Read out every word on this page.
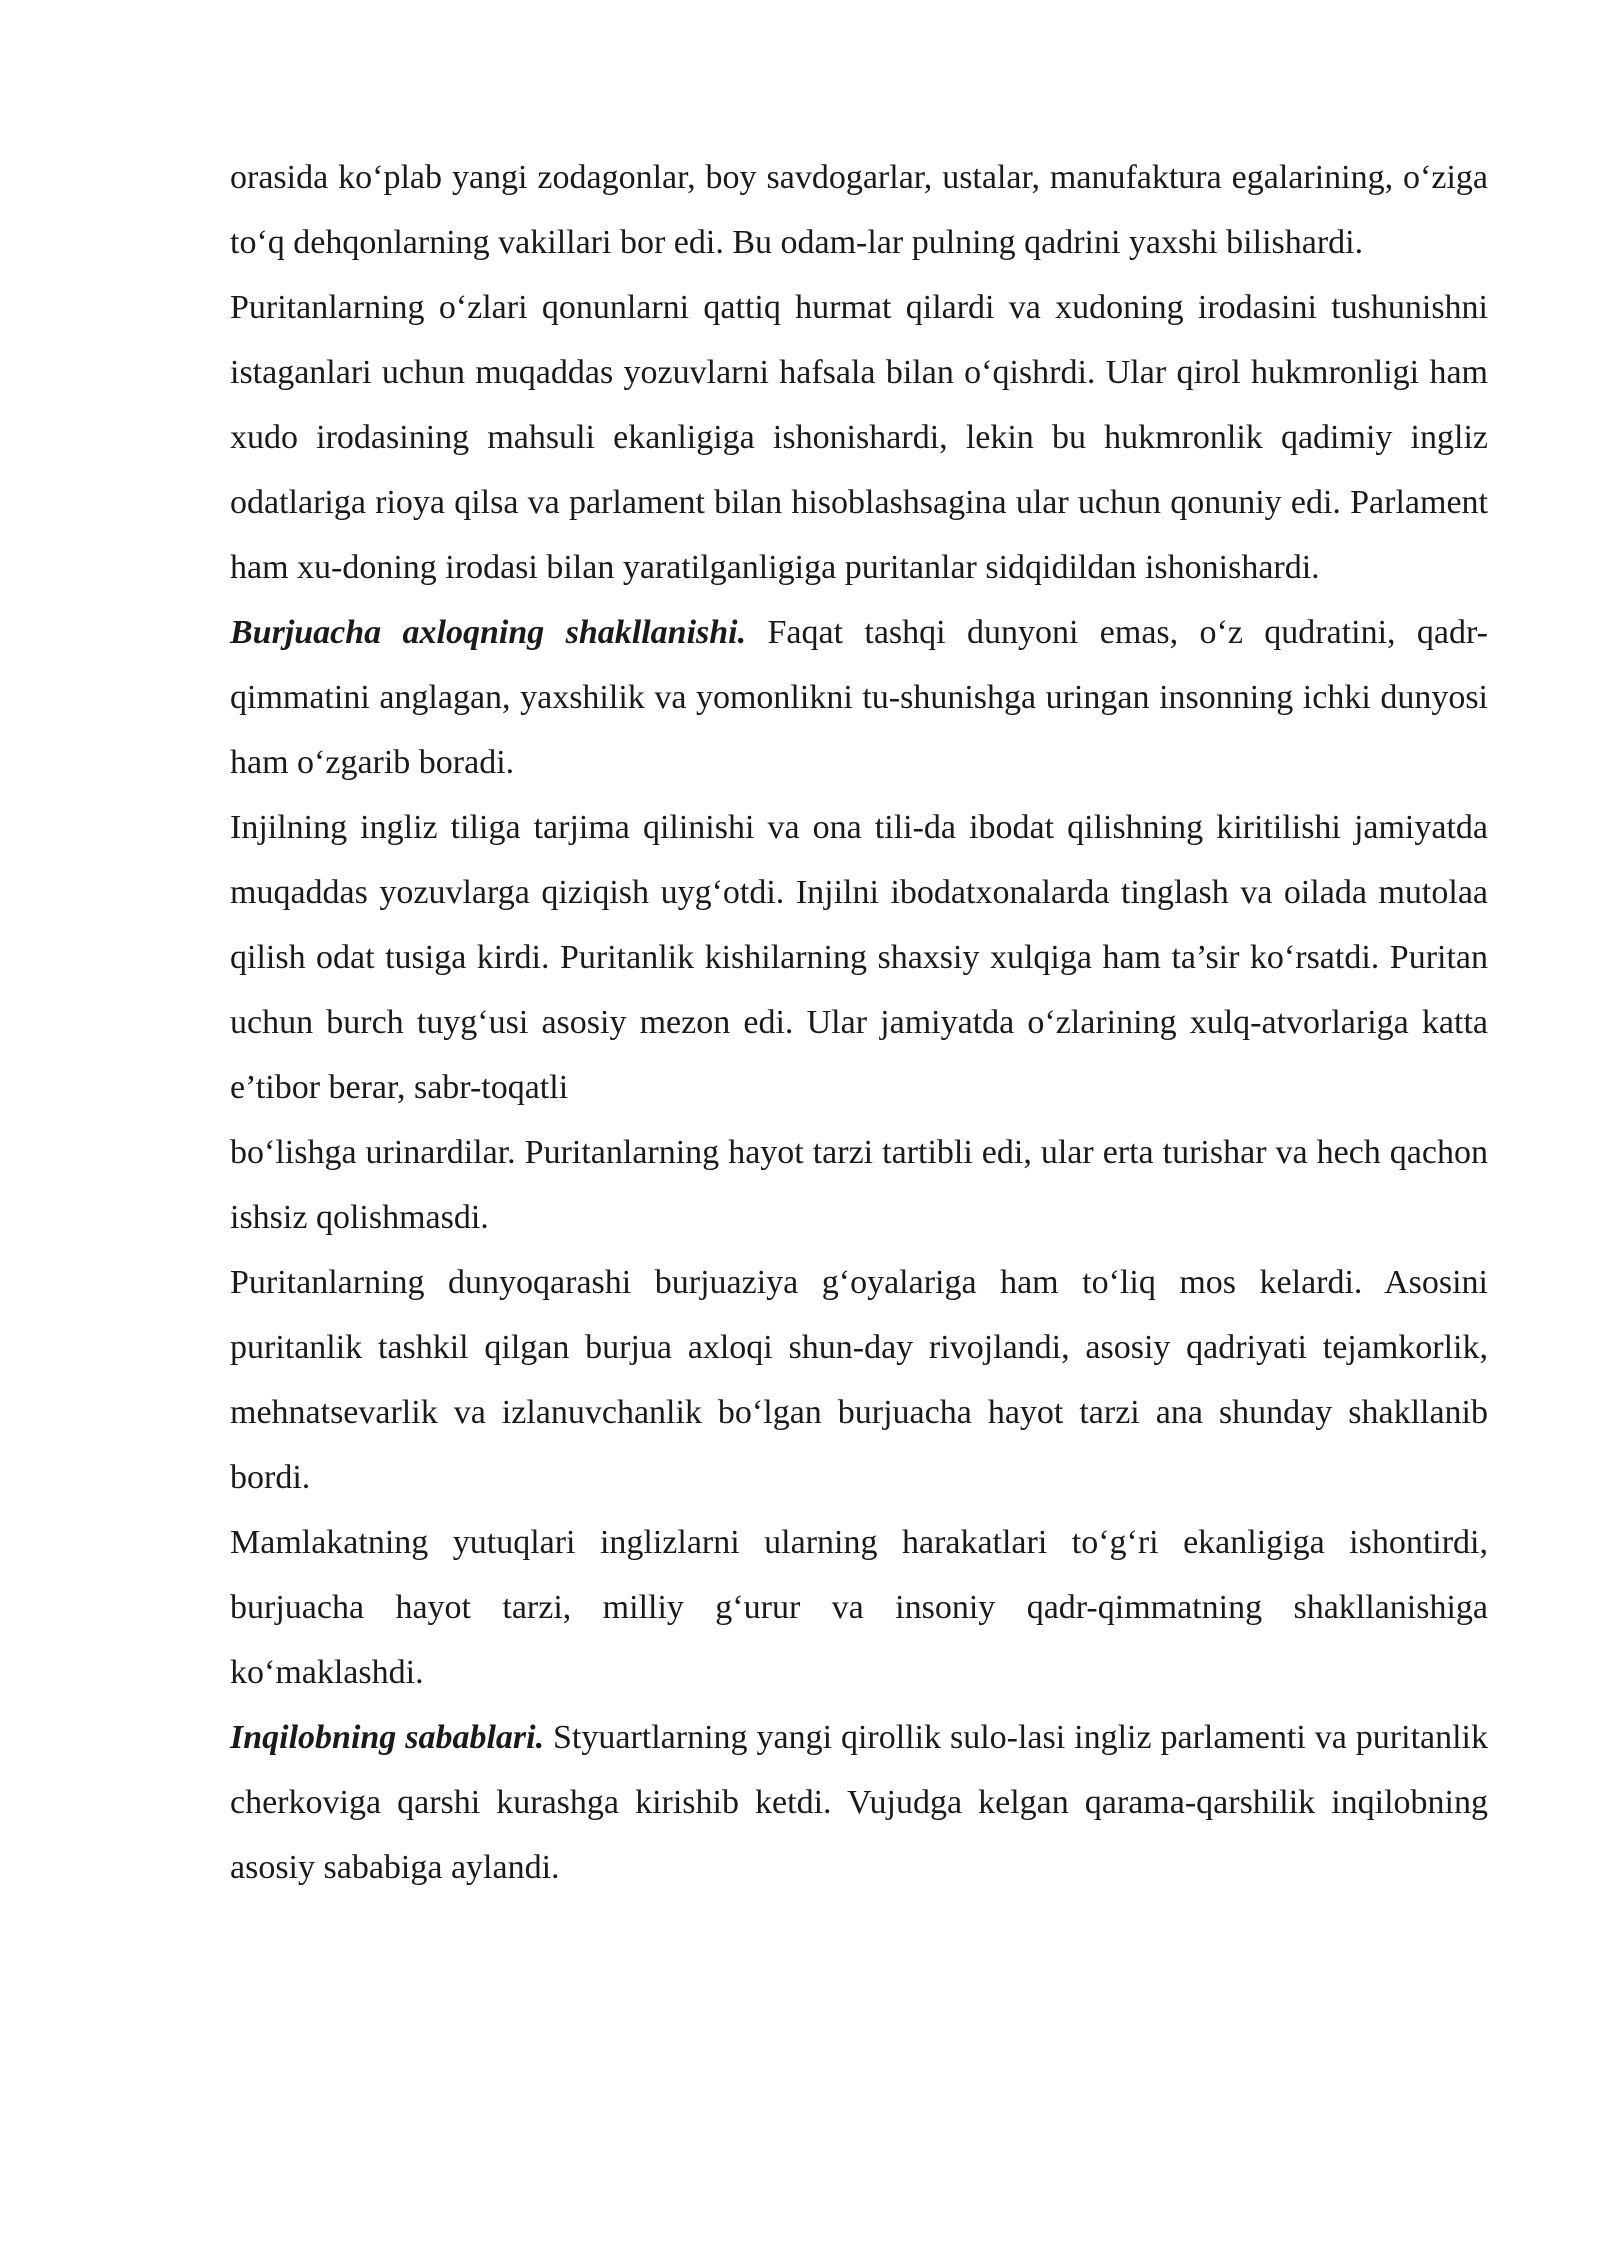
orasida koʻplab yangi zodagonlar, boy savdogarlar, ustalar, manufaktura egalarining, oʻziga toʻq dehqonlarning vakillari bor edi. Bu odam-lar pulning qadrini yaxshi bilishardi.

Puritanlarning oʻzlari qonunlarni qattiq hurmat qilardi va xudoning irodasini tushunishni istaganlari uchun muqaddas yozuvlarni hafsala bilan oʻqishrdi. Ular qirol hukmronligi ham xudo irodasining mahsuli ekanligiga ishonishardi, lekin bu hukmronlik qadimiy ingliz odatlariga rioya qilsa va parlament bilan hisoblashsagina ular uchun qonuniy edi. Parlament ham xu-doning irodasi bilan yaratilganligiga puritanlar sidqidildan ishonishardi.

Burjuacha axloqning shakllanishi. Faqat tashqi dunyoni emas, oʻz qudratini, qadr-qimmatini anglagan, yaxshilik va yomonlikni tu-shunishga uringan insonning ichki dunyosi ham oʻzgarib boradi.

Injilning ingliz tiliga tarjima qilinishi va ona tili-da ibodat qilishning kiritilishi jamiyatda muqaddas yozuvlarga qiziqish uygʻotdi. Injilni ibodatxonalarda tinglash va oilada mutolaa qilish odat tusiga kirdi. Puritanlik kishilarning shaxsiy xulqiga ham ta’sir koʻrsatdi. Puritan uchun burch tuygʻusi asosiy mezon edi. Ular jamiyatda oʻzlarining xulq-atvorlariga katta e’tibor berar, sabr-toqatli

boʻlishga urinardilar. Puritanlarning hayot tarzi tartibli edi, ular erta turishar va hech qachon ishsiz qolishmasdi.

Puritanlarning dunyoqarashi burjuaziya gʻoyalariga ham toʻliq mos kelardi. Asosini puritanlik tashkil qilgan burjua axloqi shun-day rivojlandi, asosiy qadriyati tejamkorlik, mehnatsevarlik va izlanuvchanlik boʻlgan burjuacha hayot tarzi ana shunday shakllanib bordi.

Mamlakatning yutuqlari inglizlarni ularning harakatlari toʻgʻri ekanligiga ishontirdi, burjuacha hayot tarzi, milliy gʻurur va insoniy qadr-qimmatning shakllanishiga koʻmaklashdi.

Inqilobning sabablari. Styuartlarning yangi qirollik sulo-lasi ingliz parlamenti va puritanlik cherkoviga qarshi kurashga kirishib ketdi. Vujudga kelgan qarama-qarshilik inqilobning asosiy sababiga aylandi.
